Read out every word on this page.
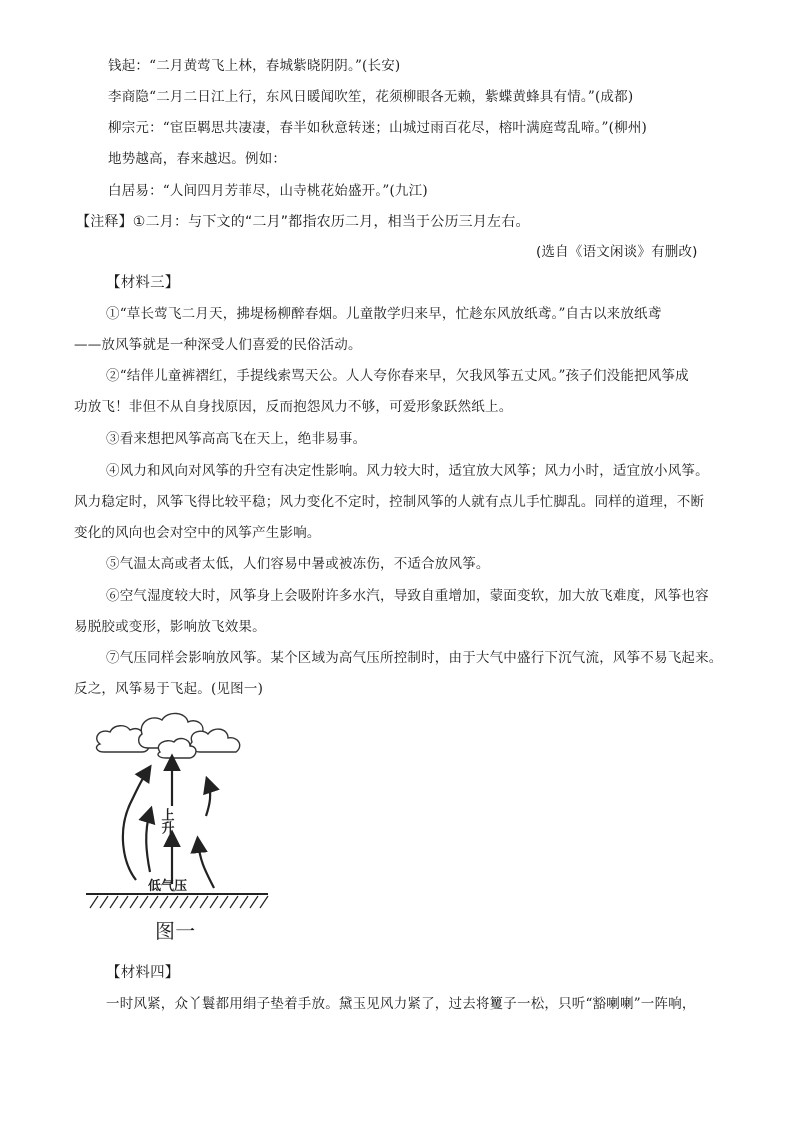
钱起：“二月黄莺飞上林，春城紫晓阴阴。”(长安)
李商隐“二月二日江上行，东风日暖闻吹笙，花须柳眼各无赖，紫蝶黄蜂具有情。”(成都)
柳宗元：“宦臣羁思共凄凄，春半如秋意转迷；山城过雨百花尽，榕叶满庭莺乱啼。”(柳州)
地势越高，春来越迟。例如：
白居易：“人间四月芳菲尽，山寺桃花始盛开。”(九江)
【注释】①二月：与下文的“二月”都指农历二月，相当于公历三月左右。
(选自《语文闲谈》有删改)
【材料三】
①“草长莺飞二月天，拂堤杨柳醉春烟。儿童散学归来早，忙趁东风放纸鸢。”自古以来放纸鸢
——放风筝就是一种深受人们喜爱的民俗活动。
②“结伴儿童裤褶红，手提线索骂天公。人人夸你春来早，欠我风筝五丈风。”孩子们没能把风筝成
功放飞！非但不从自身找原因，反而抱怨风力不够，可爱形象跃然纸上。
③看来想把风筝高高飞在天上，绝非易事。
④风力和风向对风筝的升空有决定性影响。风力较大时，适宜放大风筝；风力小时，适宜放小风筝。
风力稳定时，风筝飞得比较平稳；风力变化不定时，控制风筝的人就有点儿手忙脚乱。同样的道理，不断
变化的风向也会对空中的风筝产生影响。
⑤气温太高或者太低，人们容易中暑或被冻伤，不适合放风筝。
⑥空气湿度较大时，风筝身上会吸附许多水汽，导致自重增加，蒙面变软，加大放飞难度，风筝也容
易脱胶或变形，影响放飞效果。
⑦气压同样会影响放风筝。某个区域为高气压所控制时，由于大气中盛行下沉气流，风筝不易飞起来。
反之，风筝易于飞起。(见图一)
上升
低气压
图一
【材料四】
一时风紧，众丫鬟都用绢子垫着手放。黛玉见风力紧了，过去将籰子一松，只听“豁喇喇”一阵响，
